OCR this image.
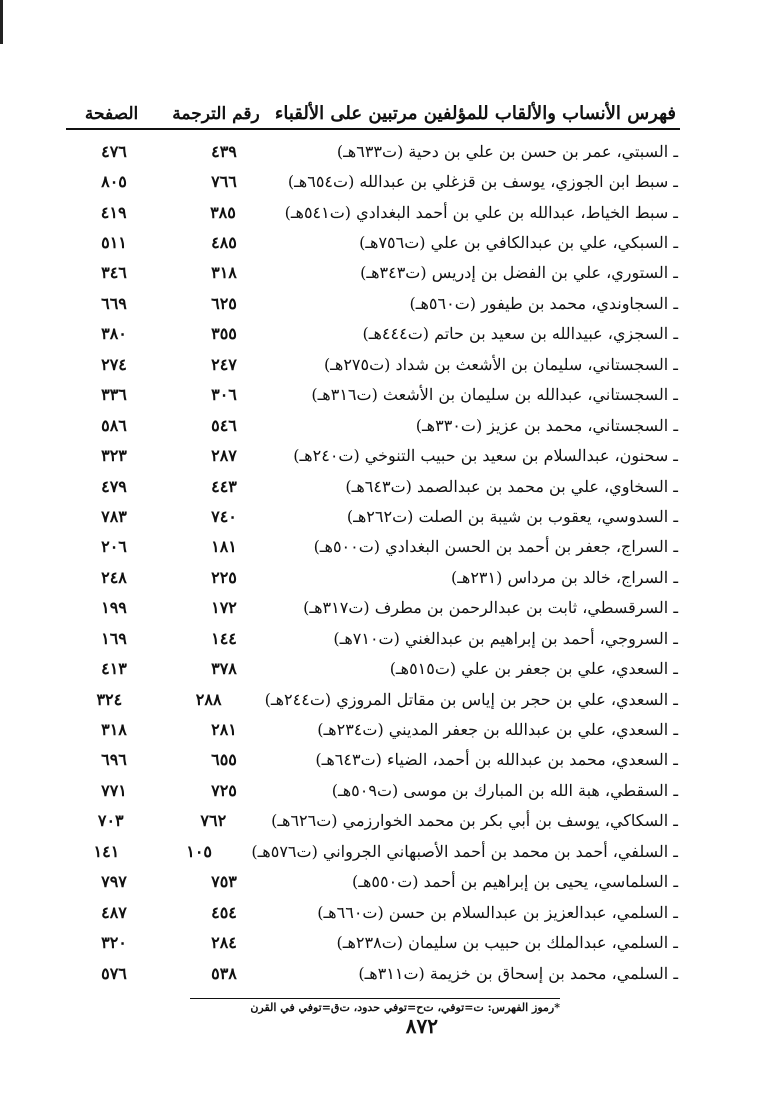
فهرس الأنساب والألقاب للمؤلفين مرتبين على الألقباء
رقم الترجمة
الصفحة
ـ السبتي، عمر بن حسن بن علي بن دحية (ت٦٣٣هـ)
٤٣٩
٤٧٦
ـ سبط ابن الجوزي، يوسف بن قزغلي بن عبدالله (ت٦٥٤هـ)
٧٦٦
٨٠٥
ـ سبط الخياط، عبدالله بن علي بن أحمد البغدادي (ت٥٤١هـ)
٣٨٥
٤١٩
ـ السبكي، علي بن عبدالكافي بن علي (ت٧٥٦هـ)
٤٨٥
٥١١
ـ الستوري، علي بن الفضل بن إدريس (ت٣٤٣هـ)
٣١٨
٣٤٦
ـ السجاوندي، محمد بن طيفور (ت٥٦٠هـ)
٦٢٥
٦٦٩
ـ السجزي، عبيدالله بن سعيد بن حاتم (ت٤٤٤هـ)
٣٥٥
٣٨٠
ـ السجستاني، سليمان بن الأشعث بن شداد (ت٢٧٥هـ)
٢٤٧
٢٧٤
ـ السجستاني، عبدالله بن سليمان بن الأشعث (ت٣١٦هـ)
٣٠٦
٣٣٦
ـ السجستاني، محمد بن عزيز (ت٣٣٠هـ)
٥٤٦
٥٨٦
ـ سحنون، عبدالسلام بن سعيد بن حبيب التنوخي (ت٢٤٠هـ)
٢٨٧
٣٢٣
ـ السخاوي، علي بن محمد بن عبدالصمد (ت٦٤٣هـ)
٤٤٣
٤٧٩
ـ السدوسي، يعقوب بن شيبة بن الصلت (ت٢٦٢هـ)
٧٤٠
٧٨٣
ـ السراج، جعفر بن أحمد بن الحسن البغدادي (ت٥٠٠هـ)
١٨١
٢٠٦
ـ السراج، خالد بن مرداس (٢٣١هـ)
٢٢٥
٢٤٨
ـ السرقسطي، ثابت بن عبدالرحمن بن مطرف (ت٣١٧هـ)
١٧٢
١٩٩
ـ السروجي، أحمد بن إبراهيم بن عبدالغني (ت٧١٠هـ)
١٤٤
١٦٩
ـ السعدي، علي بن جعفر بن علي (ت٥١٥هـ)
٣٧٨
٤١٣
ـ السعدي، علي بن حجر بن إياس بن مقاتل المروزي (ت٢٤٤هـ)
٢٨٨
٣٢٤
ـ السعدي، علي بن عبدالله بن جعفر المديني (ت٢٣٤هـ)
٢٨١
٣١٨
ـ السعدي، محمد بن عبدالله بن أحمد، الضياء (ت٦٤٣هـ)
٦٥٥
٦٩٦
ـ السقطي، هبة الله بن المبارك بن موسى (ت٥٠٩هـ)
٧٢٥
٧٧١
ـ السكاكي، يوسف بن أبي بكر بن محمد الخوارزمي (ت٦٢٦هـ)
٧٦٢
٧٠٣
ـ السلفي، أحمد بن محمد بن أحمد الأصبهاني الجرواني (ت٥٧٦هـ)
١٠٥
١٤١
ـ السلماسي، يحيى بن إبراهيم بن أحمد (ت٥٥٠هـ)
٧٥٣
٧٩٧
ـ السلمي، عبدالعزيز بن عبدالسلام بن حسن (ت٦٦٠هـ)
٤٥٤
٤٨٧
ـ السلمي، عبدالملك بن حبيب بن سليمان (ت٢٣٨هـ)
٢٨٤
٣٢٠
ـ السلمي، محمد بن إسحاق بن خزيمة (ت٣١١هـ)
٥٣٨
٥٧٦
*رموز الفهرس: ت=توفي، ت‌ح=توفي حدود، ت‌ق=توفي في القرن
٨٧٢
